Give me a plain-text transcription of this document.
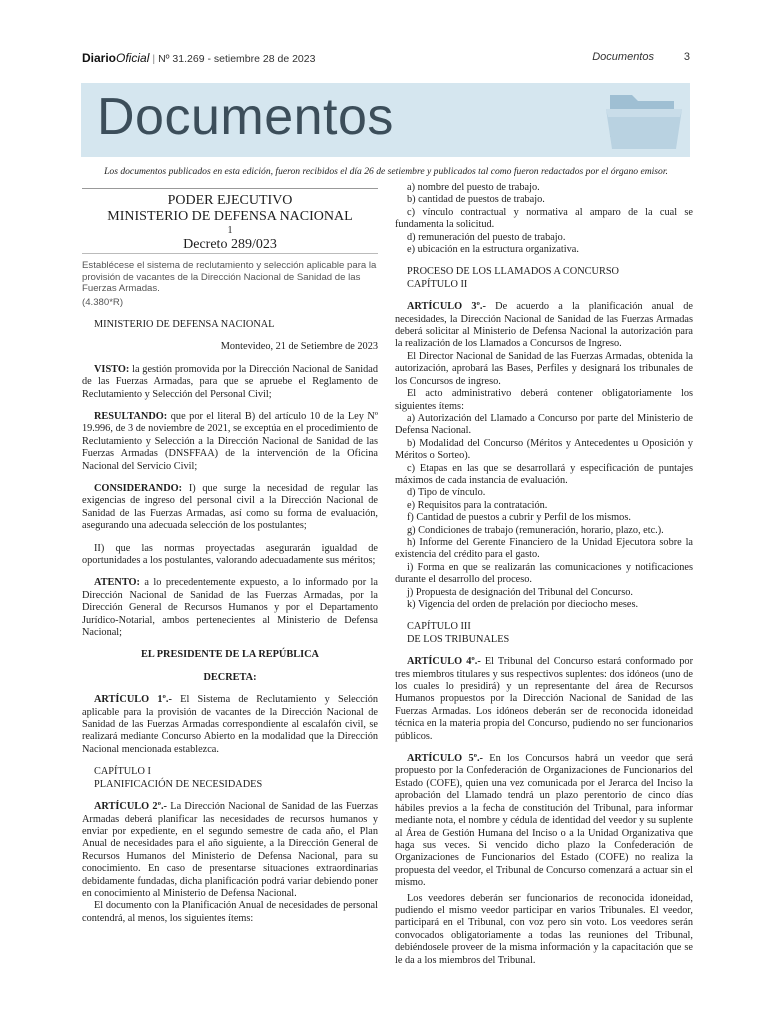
DiarioOficial | Nº 31.269 - setiembre 28 de 2023	Documentos	3
Documentos
Los documentos publicados en esta edición, fueron recibidos el día 26 de setiembre y publicados tal como fueron redactados por el órgano emisor.

PODER EJECUTIVO

MINISTERIO DE DEFENSA NACIONAL

1

Decreto 289/023

Establécese el sistema de reclutamiento y selección aplicable para la provisión de vacantes de la Dirección Nacional de Sanidad de las Fuerzas Armadas.

(4.380*R)

MINISTERIO DE DEFENSA NACIONAL

Montevideo, 21 de Setiembre de 2023

VISTO: la gestión promovida por la Dirección Nacional de Sanidad de las Fuerzas Armadas, para que se apruebe el Reglamento de Reclutamiento y Selección del Personal Civil;

RESULTANDO: que por el literal B) del artículo 10 de la Ley Nº 19.996, de 3 de noviembre de 2021, se exceptúa en el procedimiento de Reclutamiento y Selección a la Dirección Nacional de Sanidad de las Fuerzas Armadas (DNSFFAA) de la intervención de la Oficina Nacional del Servicio Civil;

CONSIDERANDO: I) que surge la necesidad de regular las exigencias de ingreso del personal civil a la Dirección Nacional de Sanidad de las Fuerzas Armadas, así como su forma de evaluación, asegurando una adecuada selección de los postulantes;

II) que las normas proyectadas asegurarán igualdad de oportunidades a los postulantes, valorando adecuadamente sus méritos;

ATENTO: a lo precedentemente expuesto, a lo informado por la Dirección Nacional de Sanidad de las Fuerzas Armadas, por la Dirección General de Recursos Humanos y por el Departamento Jurídico-Notarial, ambos pertenecientes al Ministerio de Defensa Nacional;

EL PRESIDENTE DE LA REPÚBLICA

DECRETA:

ARTÍCULO 1º.- El Sistema de Reclutamiento y Selección aplicable para la provisión de vacantes de la Dirección Nacional de Sanidad de las Fuerzas Armadas correspondiente al escalafón civil, se realizará mediante Concurso Abierto en la modalidad que la Dirección Nacional mencionada establezca.

CAPÍTULO I

PLANIFICACIÓN DE NECESIDADES

ARTÍCULO 2º.- La Dirección Nacional de Sanidad de las Fuerzas Armadas deberá planificar las necesidades de recursos humanos y enviar por expediente, en el segundo semestre de cada año, el Plan Anual de necesidades para el año siguiente, a la Dirección General de Recursos Humanos del Ministerio de Defensa Nacional, para su conocimiento. En caso de presentarse situaciones extraordinarias debidamente fundadas, dicha planificación podrá variar debiendo poner en conocimiento al Ministerio de Defensa Nacional.

El documento con la Planificación Anual de necesidades de personal contendrá, al menos, los siguientes ítems:

a) nombre del puesto de trabajo.

b) cantidad de puestos de trabajo.

c) vínculo contractual y normativa al amparo de la cual se fundamenta la solicitud.

d) remuneración del puesto de trabajo.

e) ubicación en la estructura organizativa.

PROCESO DE LOS LLAMADOS A CONCURSO

CAPÍTULO II

ARTÍCULO 3º.- De acuerdo a la planificación anual de necesidades, la Dirección Nacional de Sanidad de las Fuerzas Armadas deberá solicitar al Ministerio de Defensa Nacional la autorización para la realización de los Llamados a Concursos de Ingreso.

El Director Nacional de Sanidad de las Fuerzas Armadas, obtenida la autorización, aprobará las Bases, Perfiles y designará los tribunales de los Concursos de ingreso.

El acto administrativo deberá contener obligatoriamente los siguientes ítems:

a) Autorización del Llamado a Concurso por parte del Ministerio de Defensa Nacional.

b) Modalidad del Concurso (Méritos y Antecedentes u Oposición y Méritos o Sorteo).

c) Etapas en las que se desarrollará y especificación de puntajes máximos de cada instancia de evaluación.

d) Tipo de vínculo.

e) Requisitos para la contratación.

f) Cantidad de puestos a cubrir y Perfil de los mismos.

g) Condiciones de trabajo (remuneración, horario, plazo, etc.).

h) Informe del Gerente Financiero de la Unidad Ejecutora sobre la existencia del crédito para el gasto.

i) Forma en que se realizarán las comunicaciones y notificaciones durante el desarrollo del proceso.

j) Propuesta de designación del Tribunal del Concurso.

k) Vigencia del orden de prelación por dieciocho meses.

CAPÍTULO III

DE LOS TRIBUNALES

ARTÍCULO 4º.- El Tribunal del Concurso estará conformado por tres miembros titulares y sus respectivos suplentes: dos idóneos (uno de los cuales lo presidirá) y un representante del área de Recursos Humanos propuestos por la Dirección Nacional de Sanidad de las Fuerzas Armadas. Los idóneos deberán ser de reconocida idoneidad técnica en la materia propia del Concurso, pudiendo no ser funcionarios públicos.

ARTÍCULO 5º.- En los Concursos habrá un veedor que será propuesto por la Confederación de Organizaciones de Funcionarios del Estado (COFE), quien una vez comunicada por el Jerarca del Inciso la aprobación del Llamado tendrá un plazo perentorio de cinco días hábiles previos a la fecha de constitución del Tribunal, para informar mediante nota, el nombre y cédula de identidad del veedor y su suplente al Área de Gestión Humana del Inciso o a la Unidad Organizativa que haga sus veces. Si vencido dicho plazo la Confederación de Organizaciones de Funcionarios del Estado (COFE) no realiza la propuesta del veedor, el Tribunal de Concurso comenzará a actuar sin el mismo.

Los veedores deberán ser funcionarios de reconocida idoneidad, pudiendo el mismo veedor participar en varios Tribunales. El veedor, participará en el Tribunal, con voz pero sin voto. Los veedores serán convocados obligatoriamente a todas las reuniones del Tribunal, debiéndosele proveer de la misma información y la capacitación que se le da a los miembros del Tribunal.
